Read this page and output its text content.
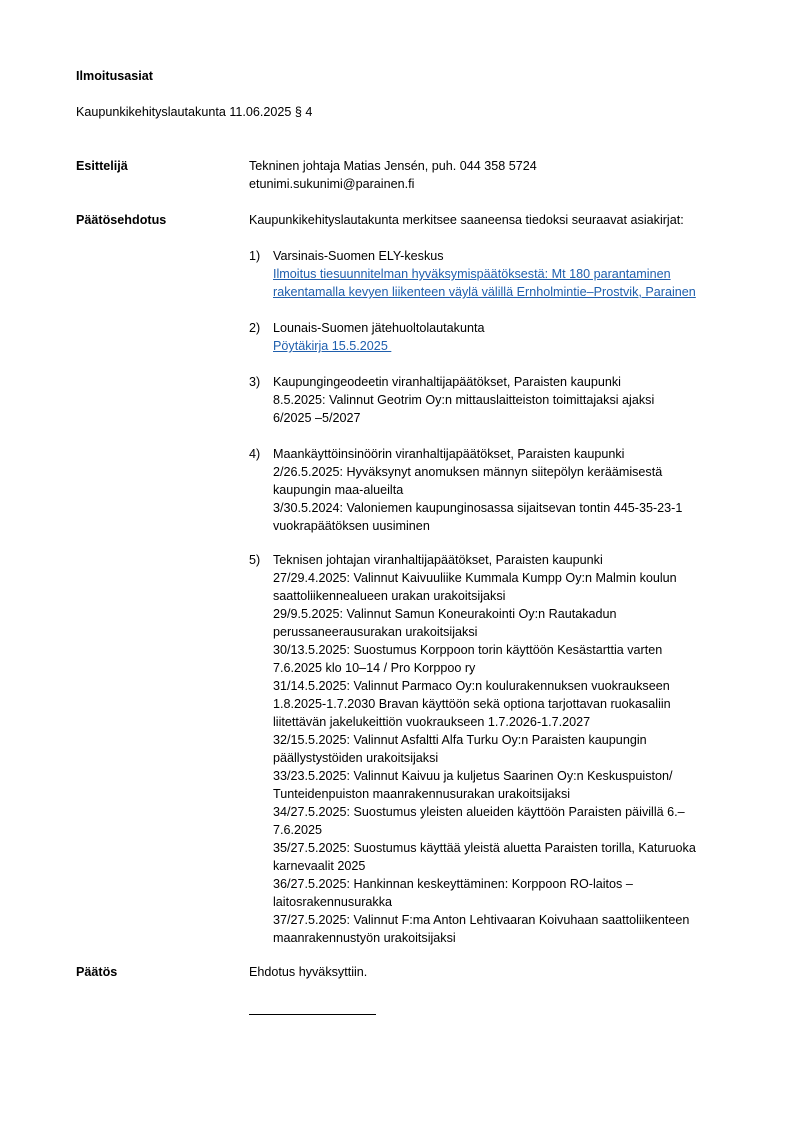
Ilmoitusasiat
Kaupunkikehityslautakunta 11.06.2025 § 4
Esittelijä	Tekninen johtaja Matias Jensén, puh. 044 358 5724
etunimi.sukunimi@parainen.fi
Päätösehdotus	Kaupunkikehityslautakunta merkitsee saaneensa tiedoksi seuraavat asiakirjat:
1)	Varsinais-Suomen ELY-keskus
Ilmoitus tiesuunnitelman hyväksymispäätöksestä: Mt 180 parantaminen
rakentamalla kevyen liikenteen väylä välillä Ernholmintie–Prostvik, Parainen
2)	Lounais-Suomen jätehuoltolautakunta
Pöytäkirja 15.5.2025
3)	Kaupungingeodeetin viranhaltijapäätökset, Paraisten kaupunki
8.5.2025: Valinnut Geotrim Oy:n mittauslaitteiston toimittajaksi ajaksi
6/2025 –5/2027
4)	Maankäyttöinsinöörin viranhaltijapäätökset, Paraisten kaupunki
2/26.5.2025: Hyväksynyt anomuksen männyn siitepölyn keräämisestä
kaupungin maa-alueilta
3/30.5.2024: Valoniemen kaupunginosassa sijaitsevan tontin 445-35-23-1
vuokrapäätöksen uusiminen
5)	Teknisen johtajan viranhaltijapäätökset, Paraisten kaupunki
27/29.4.2025: Valinnut Kaivuuliike Kummala Kumpp Oy:n Malmin koulun
saattoliikennealueen urakan urakoitsijaksi
29/9.5.2025: Valinnut Samun Koneurakointi Oy:n Rautakadun
perussaneerausurakan urakoitsijaksi
30/13.5.2025: Suostumus Korppoon torin käyttöön Kesästarttia varten
7.6.2025 klo 10–14 / Pro Korppoo ry
31/14.5.2025: Valinnut Parmaco Oy:n koulurakennuksen vuokraukseen
1.8.2025-1.7.2030 Bravan käyttöön sekä optiona tarjottavan ruokasaliin
liitettävän jakelukeittiön vuokraukseen 1.7.2026-1.7.2027
32/15.5.2025: Valinnut Asfaltti Alfa Turku Oy:n Paraisten kaupungin
päällystystöiden urakoitsijaksi
33/23.5.2025: Valinnut Kaivuu ja kuljetus Saarinen Oy:n Keskuspuiston/
Tunteidenpuiston maanrakennusurakan urakoitsijaksi
34/27.5.2025: Suostumus yleisten alueiden käyttöön Paraisten päivillä 6.–
7.6.2025
35/27.5.2025: Suostumus käyttää yleistä aluetta Paraisten torilla, Katuruoka
karnevaalit 2025
36/27.5.2025: Hankinnan keskeyttäminen: Korppoon RO-laitos –
laitosrakennusurakka
37/27.5.2025: Valinnut F:ma Anton Lehtivaaran Koivuhaan saattoliikenteen
maanrakennustyön urakoitsijaksi
Päätös	Ehdotus hyväksyttiin.
